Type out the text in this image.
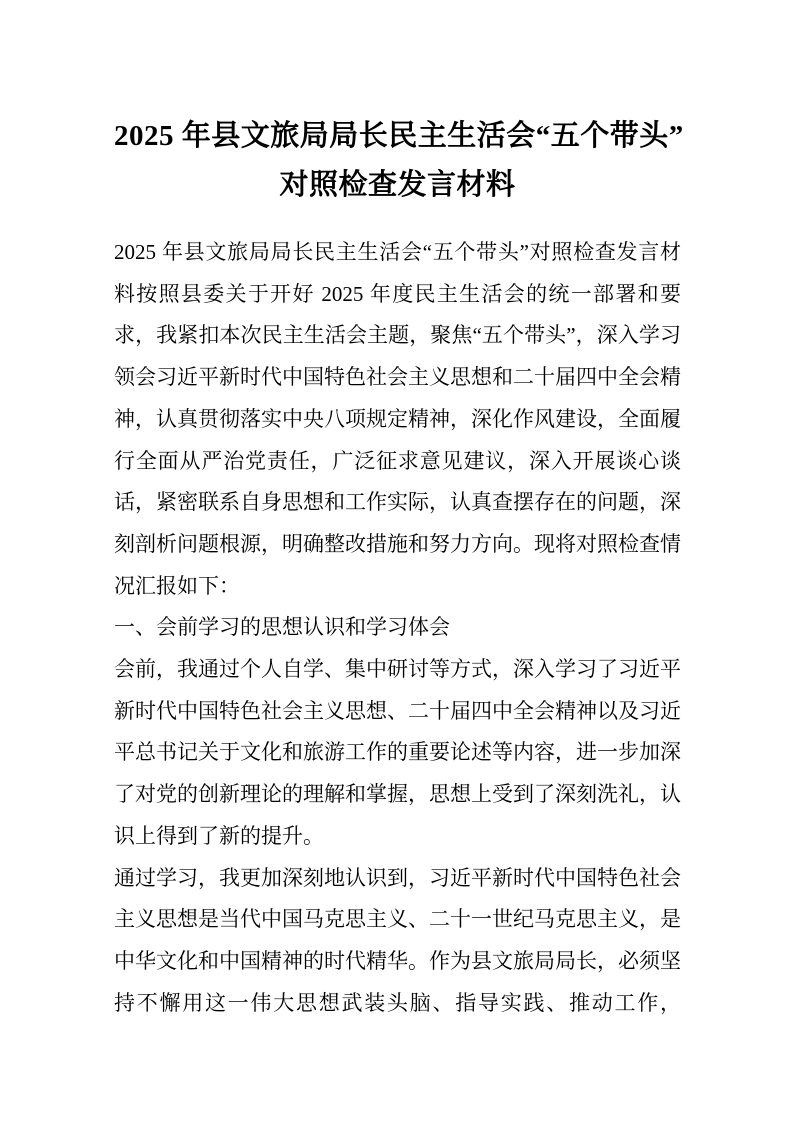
2025 年县文旅局局长民主生活会“五个带头”
对照检查发言材料

2025 年县文旅局局长民主生活会“五个带头”对照检查发言材料按照县委关于开好 2025 年度民主生活会的统一部署和要求，我紧扣本次民主生活会主题，聚焦“五个带头”，深入学习领会习近平新时代中国特色社会主义思想和二十届四中全会精神，认真贯彻落实中央八项规定精神，深化作风建设，全面履行全面从严治党责任，广泛征求意见建议，深入开展谈心谈话，紧密联系自身思想和工作实际，认真查摆存在的问题，深刻剖析问题根源，明确整改措施和努力方向。现将对照检查情况汇报如下：

一、会前学习的思想认识和学习体会

会前，我通过个人自学、集中研讨等方式，深入学习了习近平新时代中国特色社会主义思想、二十届四中全会精神以及习近平总书记关于文化和旅游工作的重要论述等内容，进一步加深了对党的创新理论的理解和掌握，思想上受到了深刻洗礼，认识上得到了新的提升。

通过学习，我更加深刻地认识到，习近平新时代中国特色社会主义思想是当代中国马克思主义、二十一世纪马克思主义，是中华文化和中国精神的时代精华。作为县文旅局局长，必须坚持不懈用这一伟大思想武装头脑、指导实践、推动工作，
